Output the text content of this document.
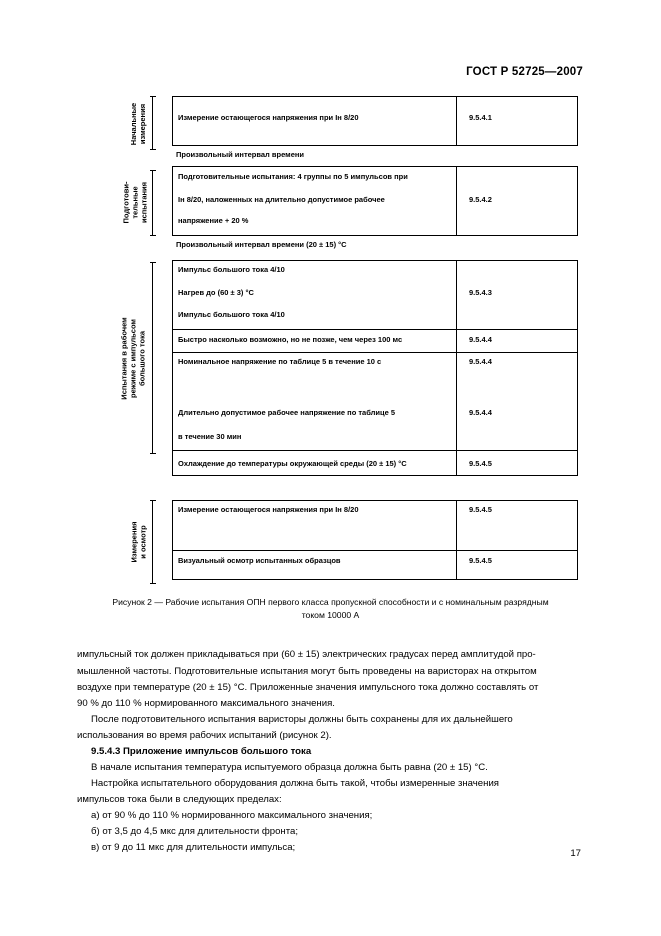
ГОСТ Р 52725—2007
Начальные
измерения
Подготови-
тельные
испытания
Испытания в рабочем
режиме с импульсом
большого тока
Измерения
и осмотр
Измерение остающегося напряжения при Iн 8/20	9.5.4.1
Произвольный интервал времени
Подготовительные испытания: 4 группы по 5 импульсов при
Iн 8/20, наложенных на длительно допустимое рабочее
напряжение + 20 %
9.5.4.2
Произвольный интервал времени (20 ± 15) °С
Импульс большого тока 4/10
Нагрев до (60 ± 3) °С
Импульс большого тока 4/10
9.5.4.3
Быстро насколько возможно, но не позже, чем через 100 мс	9.5.4.4
Номинальное напряжение по таблице 5 в течение 10 с	9.5.4.4
Длительно допустимое рабочее напряжение по таблице 5
в течение 30 мин
9.5.4.4
Охлаждение до температуры окружающей среды (20 ± 15) °С	9.5.4.5
Измерение остающегося напряжения при Iн 8/20	9.5.4.5
Визуальный осмотр испытанных образцов	9.5.4.5
Рисунок 2 — Рабочие испытания ОПН первого класса пропускной способности и с номинальным разрядным
током 10000 А

импульсный ток должен прикладываться при (60 ± 15) электрических градусах перед амплитудой про-

мышленной частоты. Подготовительные испытания могут быть проведены на варисторах на открытом

воздухе при температуре (20 ± 15) °С. Приложенные значения импульсного тока должно составлять от

90 % до 110 % нормированного максимального значения.

После подготовительного испытания варисторы должны быть сохранены для их дальнейшего

использования во время рабочих испытаний (рисунок 2).

9.5.4.3 Приложение импульсов большого тока

В начале испытания температура испытуемого образца должна быть равна (20 ± 15) °С.

Настройка испытательного оборудования должна быть такой, чтобы измеренные значения

импульсов тока были в следующих пределах:

а) от 90 % до 110 % нормированного максимального значения;

б) от 3,5 до 4,5 мкс для длительности фронта;

в) от 9 до 11 мкс для длительности импульса;

17
